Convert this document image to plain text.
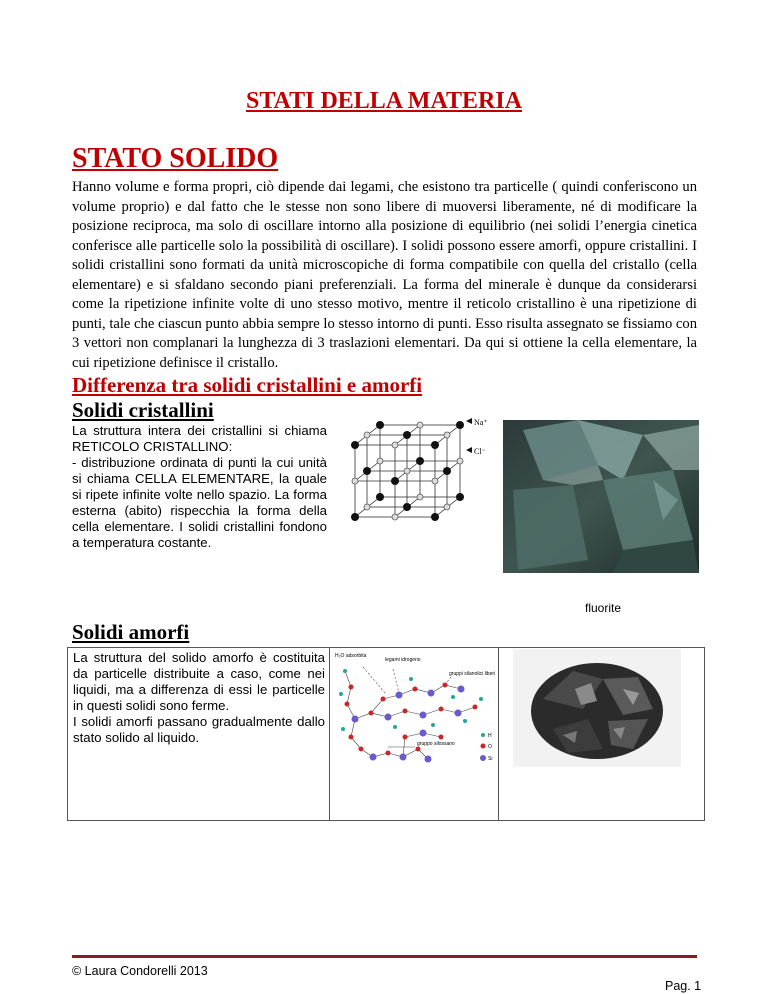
STATI DELLA MATERIA
STATO SOLIDO
Hanno volume e forma propri, ciò dipende dai legami, che esistono tra particelle ( quindi conferiscono un volume proprio) e dal fatto che le stesse non sono libere di muoversi liberamente, né di modificare la posizione reciproca, ma solo di oscillare intorno alla posizione di equilibrio (nei solidi l’energia cinetica conferisce alle particelle solo la possibilità di oscillare). I solidi possono essere amorfi, oppure cristallini. I solidi cristallini sono formati da unità microscopiche di forma compatibile con quella del cristallo (cella elementare) e si sfaldano secondo piani preferenziali. La forma del minerale è dunque da considerarsi come la ripetizione infinite volte di uno stesso motivo, mentre il reticolo cristallino è una ripetizione di punti, tale che ciascun punto abbia sempre lo stesso intorno di punti. Esso risulta assegnato se fissiamo con 3 vettori non complanari la lunghezza di 3 traslazioni elementari. Da qui si ottiene la cella elementare, la cui ripetizione definisce il cristallo.
Differenza tra solidi cristallini e amorfi
Solidi cristallini
La struttura intera dei cristallini si chiama RETICOLO CRISTALLINO:
- distribuzione ordinata di punti la cui unità si chiama CELLA ELEMENTARE, la quale si ripete infinite volte nello spazio. La forma esterna (abito) rispecchia la forma della cella elementare. I solidi cristallini fondono a temperatura costante.
Na⁺
Cl⁻
fluorite
Solidi amorfi
La struttura del solido amorfo è costituita da particelle distribuite a caso, come nei liquidi, ma a differenza di essi le particelle in questi solidi sono ferme.
I solidi amorfi passano gradualmente dallo stato solido al liquido.
H₂O adsorbita
legami idrogeno
gruppi silanolici liberi
gruppo silossano
H
O
Si
© Laura Condorelli 2013
Pag. 1
